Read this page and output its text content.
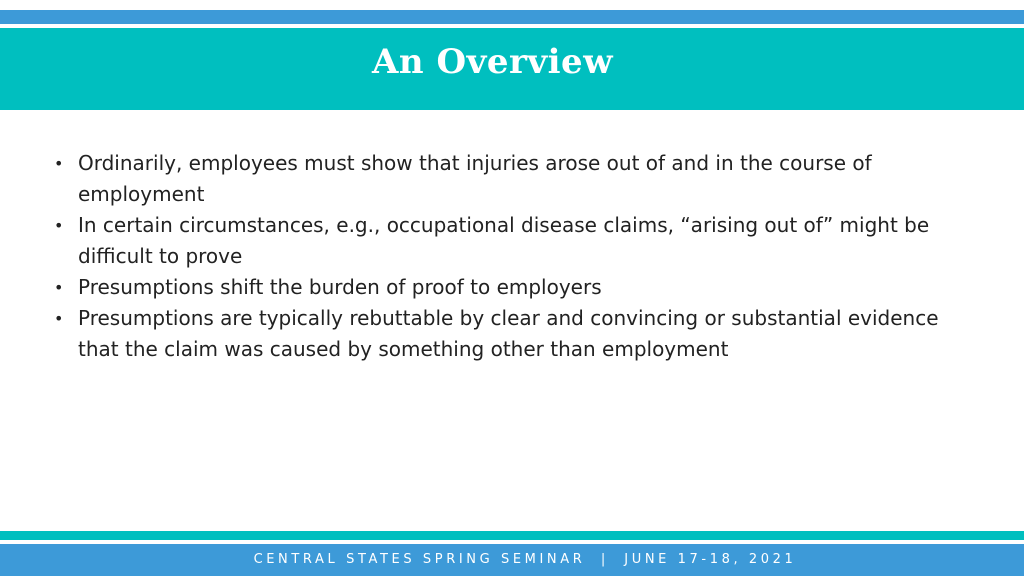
An Overview
• Ordinarily, employees must show that injuries arose out of and in the course of employment
• In certain circumstances, e.g., occupational disease claims, “arising out of” might be difficult to prove
• Presumptions shift the burden of proof to employers
• Presumptions are typically rebuttable by clear and convincing or substantial evidence that the claim was caused by something other than employment

CENTRAL STATES SPRING SEMINAR  |  JUNE 17-18, 2021
